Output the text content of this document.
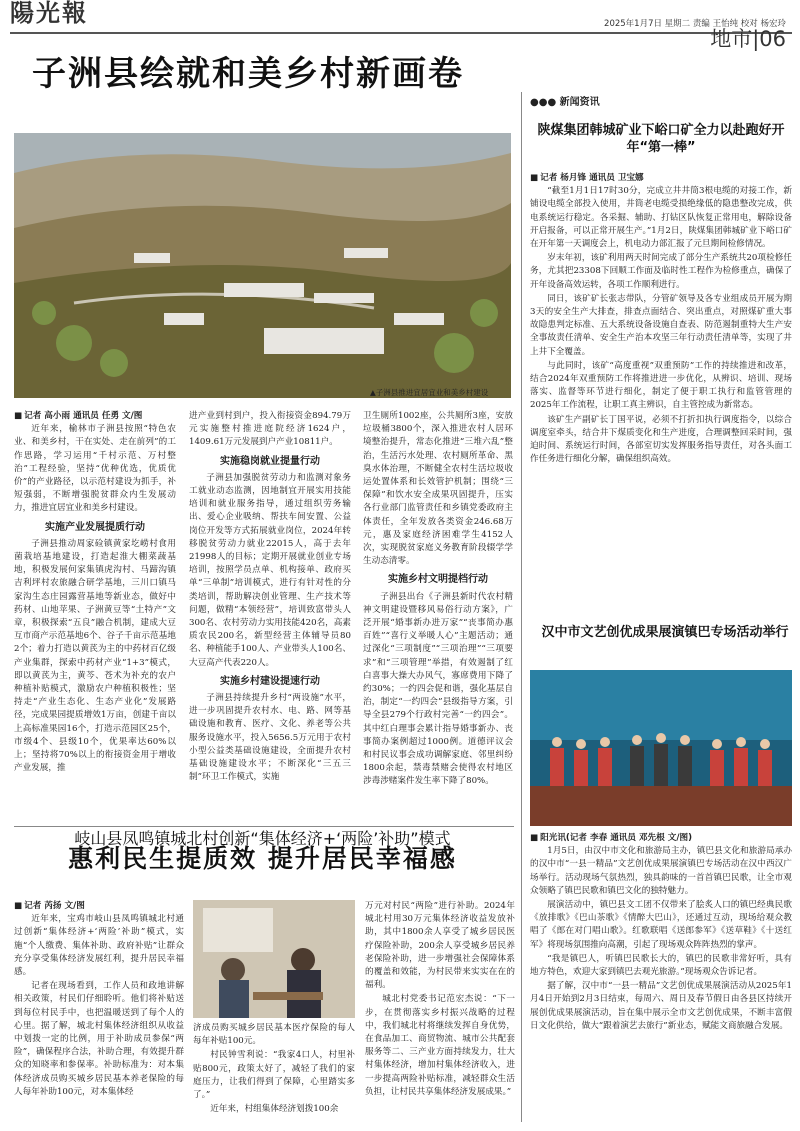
陽光報	2025年1月7日 星期二 责编 王怡纯 校对 杨宏玲
地市|06
子洲县绘就和美乡村新画卷
▲子洲县推进宜居宜业和美乡村建设
■ 记者 高小雨 通讯员 任勇 文/图

近年来，榆林市子洲县按照“特色农业、和美乡村，干在实处、走在前列”的工作思路，学习运用“千村示范、万村整治”工程经验，坚持“优种优选，优质优价”的产业路径，以示范村建设为抓手，补短强弱，不断增强脱贫群众内生发展动力，推进宜居宜业和美乡村建设。

实施产业发展提质行动

子洲县推动周家硷镇黄家圪崂村食用菌栽培基地建设，打造起淮大棚菜蔬基地，积极发展何家集镇虎沟村、马蹄沟镇吉利坪村农旅融合研学基地，三川口镇马家沟生态庄园露营基地等新业态，做好中药材、山地苹果、子洲黄豆等“土特产”文章，积极探索“五良”融合机制，建成大豆互市商产示范基地6个、谷子千亩示范基地2个；着力打造以黄芪为主的中药材百亿级产业集群，探索中药材产业“1+3”模式，即以黄芪为主，黄芩、苍术为补充的农户种植补贴模式，激励农户种植积极性；坚持走“产业生态化、生态产业化”发展路径，完成果园提质增效1万亩，创建千亩以上高标准果园16个，打造示范园区25个，市级4个、县级10个，优果率达60%以上；坚持将70%以上的衔接资金用于增收产业发展，推

进产业到村到户，投入衔接资金894.79万元实施整村推进庭院经济1624户，1409.61万元发展到户产业10811户。

实施稳岗就业提量行动

子洲县加强脱贫劳动力和监测对象务工就业动态监测，因地制宜开展实用技能培训和就业服务指导，通过组织劳务输出、爱心企业吸纳、帮扶车间安置、公益岗位开发等方式拓展就业岗位，2024年转移脱贫劳动力就业22015人，高于去年21998人的目标；定期开展就业创业专场培训，按照学员点单、机构接单、政府买单“三单制”培训模式，进行有针对性的分类培训，帮助解决创业管理、生产技术等问题，做精“本领经营”，培训致富带头人300名、农村劳动力实用技能420名，高素质农民200名，新型经营主体辅导员80名、种植能手100人、产业带头人100名、大豆高产代表220人。

实施乡村建设提速行动

子洲县持续提升乡村“两设施”水平，进一步巩固提升农村水、电、路、网等基础设施和教育、医疗、文化、养老等公共服务设施水平，投入5656.5万元用于农村小型公益类基础设施建设，全面提升农村基础设施建设水平；不断深化“三五三制”环卫工作模式，实施

卫生厕所1002座，公共厕所3座，安放垃圾桶3800个，深入推进农村人居环境整治提升，常态化推进“三堆六乱”整治，生活污水处理、农村厕所革命、黑臭水体治理，不断健全农村生活垃圾收运处置体系和长效管护机制；围绕“三保障”和饮水安全成果巩固提升，压实各行业部门监管责任和乡镇党委政府主体责任，全年发放各类资金246.68万元，惠及家庭经济困难学生4152人次，实现脱贫家庭义务教育阶段辍学学生动态清零。

实施乡村文明提档行动

子洲县出台《子洲县新时代农村精神文明建设暨移风易俗行动方案》，广泛开展“婚事新办进万家”“丧事简办惠百姓”“喜行义举暖人心”主题活动；通过深化“三项制度”“三项治理”“三项要求”和“三项管理”举措，有效遏制了红白喜事大操大办风气，寡席费用下降了约30%；一约四会促和谐，强化基层自治，制定“一约四会”县级指导方案，引导全县279个行政村完善“一约四会”。其中红白理事会累计指导婚事新办、丧事简办案例超过1000例。道德评议会和村民议事会成功调解家庭、邻里纠纷1800余起，禁毒禁赌会使得农村地区涉毒涉赌案件发生率下降了80%。

岐山县凤鸣镇城北村创新“集体经济+‘两险’补助”模式
惠利民生提质效 提升居民幸福感
■ 记者 芮扬 文/图

近年来，宝鸡市岐山县凤鸣镇城北村通过创新“集体经济+‘两险’补助”模式，实施“个人缴费、集体补助、政府补贴”让群众充分享受集体经济发展红利，提升居民幸福感。

记者在现场看到，工作人员和政地讲解相关政策，村民们仔细聆听。他们将补贴送到每位村民手中，也把温暖送到了每个人的心里。据了解，城北村集体经济组织从收益中划拨一定的比例，用于补助成员参保“两险”，确保程序合法，补助合理，有效提升群众的知晓率和参保率。补助标准为：对本集体经济成员购买城乡居民基本养老保险的每人每年补助100元，对本集体经

济成员购买城乡居民基本医疗保险的每人每年补贴100元。

村民钟雪利说：“我家4口人，村里补贴800元，政策太好了，减轻了我们的家庭压力，让我们得到了保障，心里踏实多了。”

近年来，村组集体经济划拨100余

万元对村民“两险”进行补助。2024年城北村用30万元集体经济收益发放补助，其中1800余人享受了城乡居民医疗保险补助，200余人享受城乡居民养老保险补助，进一步增强社会保障体系的覆盖和效能，为村民带来实实在在的福利。

城北村党委书记范宏杰说：“下一步，在贯彻落实乡村振兴战略的过程中，我们城北村将继续发挥自身优势，在食品加工、商贸物流、城市公共配套服务等二、三产业方面持续发力，壮大村集体经济，增加村集体经济收入，进一步提高两险补贴标准，减轻群众生活负担，让村民共享集体经济发展成果。”

●●● 新闻资讯
陕煤集团韩城矿业下峪口矿全力以赴跑好开年“第一棒”
■ 记者 杨月锋 通讯员 卫宝娜

“截至1月1日17时30分，完成立井井筒3根电缆的对接工作，新铺设电缆全部投入使用，井筒老电缆受损绝缘低的隐患整改完成，供电系统运行稳定。各采掘、辅助、打钻区队恢复正常用电，解除设备开启报备，可以正常开展生产。”1月2日，陕煤集团韩城矿业下峪口矿在开年第一天调度会上，机电动力部汇报了元旦期间检修情况。

岁末年初，该矿利用两天时间完成了部分生产系统共20项检修任务，尤其把23308下回顺工作面及临时性工程作为检修重点，确保了开年设备高效运转，各项工作顺利进行。

同日，该矿矿长张志带队，分管矿领导及各专业组成员开展为期3天的安全生产大排查，排查点面结合、突出重点，对照煤矿重大事故隐患判定标准、五大系统设备设施自查表、防范遏制重特大生产安全事故责任清单、安全生产治本攻坚三年行动责任清单等，实现了井上井下全覆盖。

与此同时，该矿“高度重视”双重预防”工作的持续推进和改革，结合2024年双重预防工作将推进进一步优化，从辨识、培训、现场落实、监督等环节进行细化，制定了便于职工执行和监管管理的2025年工作流程，让职工真主辨识，自主管控成为新常态。

该矿生产副矿长丁国平说，必须不打折扣执行调度指令，以综合调度室牵头，结合井下煤质变化和生产进度，合理调整回采时间，强迫时间、系统运行时间，各部室切实发挥服务指导责任，对各头面工作任务进行细化分解，确保组织高效。

汉中市文艺创优成果展演镇巴专场活动举行
■ 阳光讯(记者 李春 通讯员 邓先根 文/图)

1月5日，由汉中市文化和旅游局主办，镇巴县文化和旅游局承办的汉中市“一县一精品”文艺创优成果展演镇巴专场活动在汉中西汉广场举行。活动现场气氛热烈，独具韵味的一首首镇巴民歌，让全市观众领略了镇巴民歌和镇巴文化的独特魅力。

展演活动中，镇巴县文工团不仅带来了脍炙人口的镇巴经典民歌《放排歌》《巴山茶歌》《情醉大巴山》，还通过互动，现场给观众教唱了《郎在对门唱山歌》。红歌联唱《送郎参军》《送草鞋》《十送红军》将现场氛围推向高潮，引起了现场观众阵阵热烈的掌声。

“我是镇巴人，听镇巴民歌长大的，镇巴的民歌非常好听，具有地方特色，欢迎大家到镇巴去观光旅游。”现场观众告诉记者。

据了解，汉中市“一县一精品”文艺创优成果展演活动从2025年1月4日开始到2月3日结束，每周六、周日及春节假日由各县区持续开展创优成果展演活动，旨在集中展示全市文艺创优成果，不断丰富假日文化供给，做大“跟着演艺去旅行”新业态，赋能文商旅融合发展。
